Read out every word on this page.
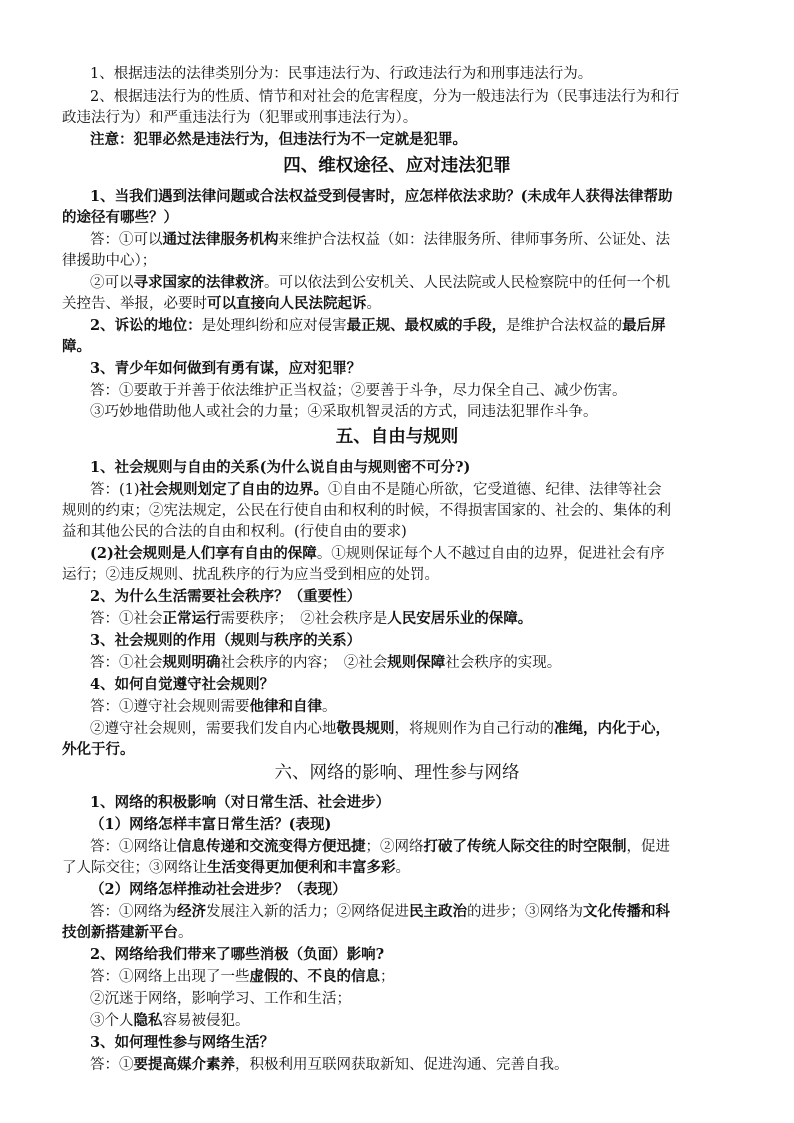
1、根据违法的法律类别分为：民事违法行为、行政违法行为和刑事违法行为。
2、根据违法行为的性质、情节和对社会的危害程度，分为一般违法行为（民事违法行为和行
政违法行为）和严重违法行为（犯罪或刑事违法行为）。
注意：犯罪必然是违法行为，但违法行为不一定就是犯罪。
四、维权途径、应对违法犯罪
1、当我们遇到法律问题或合法权益受到侵害时，应怎样依法求助？(未成年人获得法律帮助
的途径有哪些？）
答：①可以通过法律服务机构来维护合法权益（如：法律服务所、律师事务所、公证处、法
律援助中心）；
②可以寻求国家的法律救济。可以依法到公安机关、人民法院或人民检察院中的任何一个机
关控告、举报，必要时可以直接向人民法院起诉。
2、诉讼的地位：是处理纠纷和应对侵害最正规、最权威的手段，是维护合法权益的最后屏
障。
3、青少年如何做到有勇有谋，应对犯罪？
答：①要敢于并善于依法维护正当权益；②要善于斗争，尽力保全自己、减少伤害。
③巧妙地借助他人或社会的力量；④采取机智灵活的方式，同违法犯罪作斗争。
五、自由与规则
1、社会规则与自由的关系(为什么说自由与规则密不可分?)
答：(1)社会规则划定了自由的边界。①自由不是随心所欲，它受道德、纪律、法律等社会
规则的约束；②宪法规定，公民在行使自由和权利的时候，不得损害国家的、社会的、集体的利
益和其他公民的合法的自由和权利。(行使自由的要求)
(2)社会规则是人们享有自由的保障。①规则保证每个人不越过自由的边界，促进社会有序
运行；②违反规则、扰乱秩序的行为应当受到相应的处罚。
2、为什么生活需要社会秩序？（重要性）
答：①社会正常运行需要秩序；　②社会秩序是人民安居乐业的保障。
3、社会规则的作用（规则与秩序的关系）
答：①社会规则明确社会秩序的内容；　②社会规则保障社会秩序的实现。
4、如何自觉遵守社会规则？
答：①遵守社会规则需要他律和自律。
②遵守社会规则，需要我们发自内心地敬畏规则，将规则作为自己行动的准绳，内化于心，
外化于行。
六、网络的影响、理性参与网络
1、网络的积极影响（对日常生活、社会进步）
（1）网络怎样丰富日常生活？(表现)
答：①网络让信息传递和交流变得方便迅捷；②网络打破了传统人际交往的时空限制，促进
了人际交往；③网络让生活变得更加便利和丰富多彩。
（2）网络怎样推动社会进步？（表现）
答：①网络为经济发展注入新的活力；②网络促进民主政治的进步；③网络为文化传播和科
技创新搭建新平台。
2、网络给我们带来了哪些消极（负面）影响?
答：①网络上出现了一些虚假的、不良的信息；
②沉迷于网络，影响学习、工作和生活；
③个人隐私容易被侵犯。
3、如何理性参与网络生活？
答：①要提高媒介素养，积极利用互联网获取新知、促进沟通、完善自我。
